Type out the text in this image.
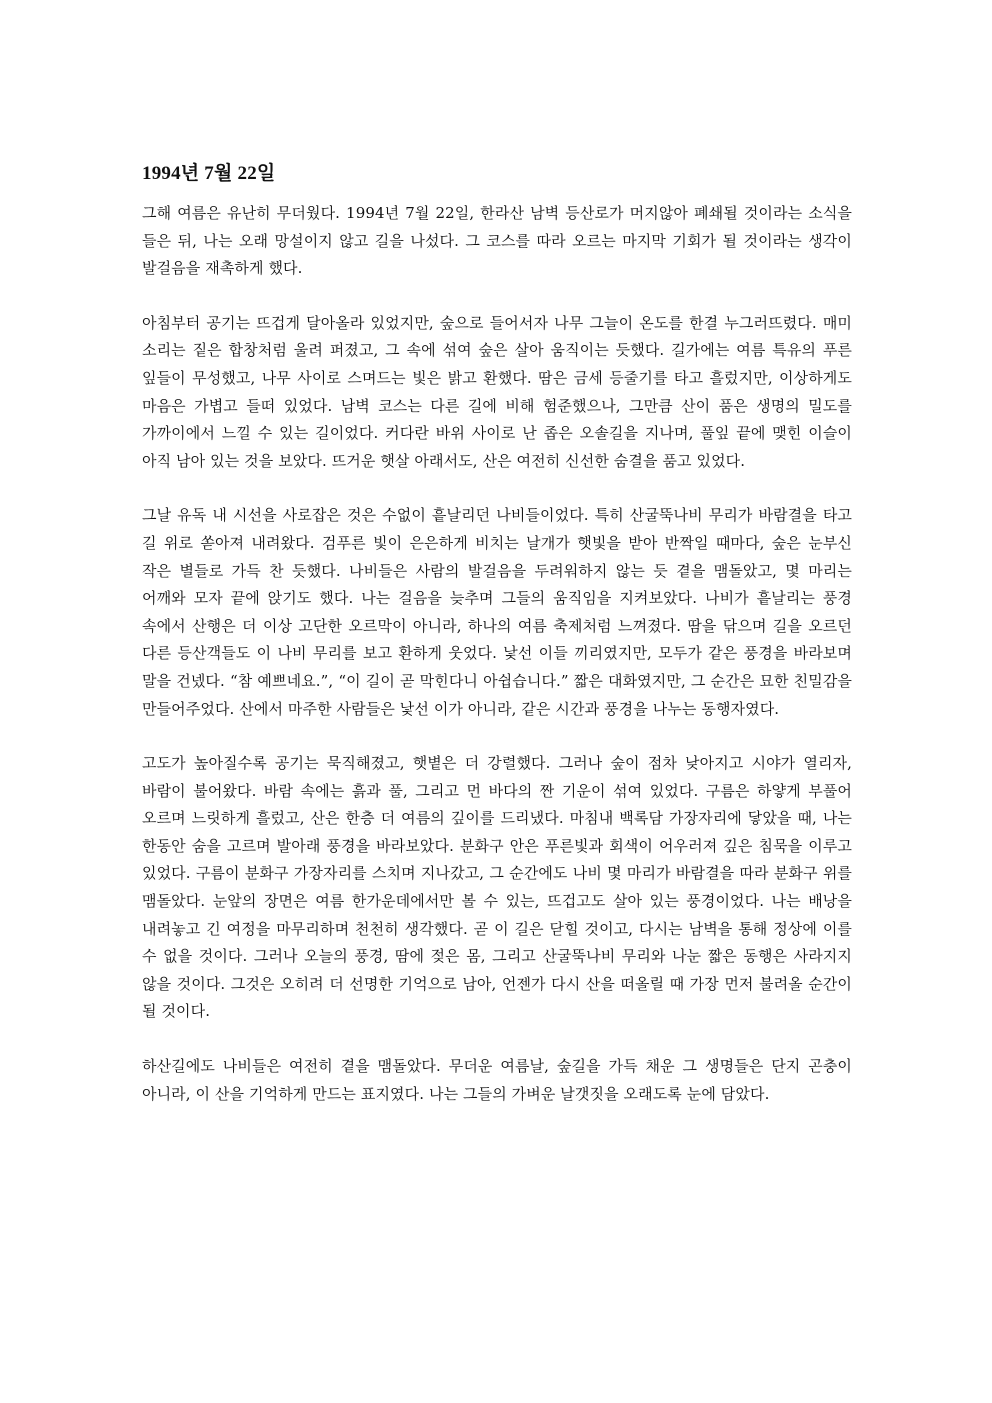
1994년 7월 22일

그해 여름은 유난히 무더웠다. 1994년 7월 22일, 한라산 남벽 등산로가 머지않아 폐쇄될 것이라는 소식을 들은 뒤, 나는 오래 망설이지 않고 길을 나섰다. 그 코스를 따라 오르는 마지막 기회가 될 것이라는 생각이 발걸음을 재촉하게 했다.

아침부터 공기는 뜨겁게 달아올라 있었지만, 숲으로 들어서자 나무 그늘이 온도를 한결 누그러뜨렸다. 매미 소리는 짙은 합창처럼 울려 퍼졌고, 그 속에 섞여 숲은 살아 움직이는 듯했다. 길가에는 여름 특유의 푸른 잎들이 무성했고, 나무 사이로 스며드는 빛은 밝고 환했다. 땀은 금세 등줄기를 타고 흘렀지만, 이상하게도 마음은 가볍고 들떠 있었다. 남벽 코스는 다른 길에 비해 험준했으나, 그만큼 산이 품은 생명의 밀도를 가까이에서 느낄 수 있는 길이었다. 커다란 바위 사이로 난 좁은 오솔길을 지나며, 풀잎 끝에 맺힌 이슬이 아직 남아 있는 것을 보았다. 뜨거운 햇살 아래서도, 산은 여전히 신선한 숨결을 품고 있었다.

그날 유독 내 시선을 사로잡은 것은 수없이 흩날리던 나비들이었다. 특히 산굴뚝나비 무리가 바람결을 타고 길 위로 쏟아져 내려왔다. 검푸른 빛이 은은하게 비치는 날개가 햇빛을 받아 반짝일 때마다, 숲은 눈부신 작은 별들로 가득 찬 듯했다. 나비들은 사람의 발걸음을 두려워하지 않는 듯 곁을 맴돌았고, 몇 마리는 어깨와 모자 끝에 앉기도 했다. 나는 걸음을 늦추며 그들의 움직임을 지켜보았다. 나비가 흩날리는 풍경 속에서 산행은 더 이상 고단한 오르막이 아니라, 하나의 여름 축제처럼 느껴졌다. 땀을 닦으며 길을 오르던 다른 등산객들도 이 나비 무리를 보고 환하게 웃었다. 낯선 이들 끼리였지만, 모두가 같은 풍경을 바라보며 말을 건넸다. “참 예쁘네요.”, “이 길이 곧 막힌다니 아쉽습니다.” 짧은 대화였지만, 그 순간은 묘한 친밀감을 만들어주었다. 산에서 마주한 사람들은 낯선 이가 아니라, 같은 시간과 풍경을 나누는 동행자였다.

고도가 높아질수록 공기는 묵직해졌고, 햇볕은 더 강렬했다. 그러나 숲이 점차 낮아지고 시야가 열리자, 바람이 불어왔다. 바람 속에는 흙과 풀, 그리고 먼 바다의 짠 기운이 섞여 있었다. 구름은 하얗게 부풀어 오르며 느릿하게 흘렀고, 산은 한층 더 여름의 깊이를 드리냈다. 마침내 백록담 가장자리에 닿았을 때, 나는 한동안 숨을 고르며 발아래 풍경을 바라보았다. 분화구 안은 푸른빛과 회색이 어우러져 깊은 침묵을 이루고 있었다. 구름이 분화구 가장자리를 스치며 지나갔고, 그 순간에도 나비 몇 마리가 바람결을 따라 분화구 위를 맴돌았다. 눈앞의 장면은 여름 한가운데에서만 볼 수 있는, 뜨겁고도 살아 있는 풍경이었다. 나는 배낭을 내려놓고 긴 여정을 마무리하며 천천히 생각했다. 곧 이 길은 닫힐 것이고, 다시는 남벽을 통해 정상에 이를 수 없을 것이다. 그러나 오늘의 풍경, 땀에 젖은 몸, 그리고 산굴뚝나비 무리와 나눈 짧은 동행은 사라지지 않을 것이다. 그것은 오히려 더 선명한 기억으로 남아, 언젠가 다시 산을 떠올릴 때 가장 먼저 불려올 순간이 될 것이다.

하산길에도 나비들은 여전히 곁을 맴돌았다. 무더운 여름날, 숲길을 가득 채운 그 생명들은 단지 곤충이 아니라, 이 산을 기억하게 만드는 표지였다. 나는 그들의 가벼운 날갯짓을 오래도록 눈에 담았다.
